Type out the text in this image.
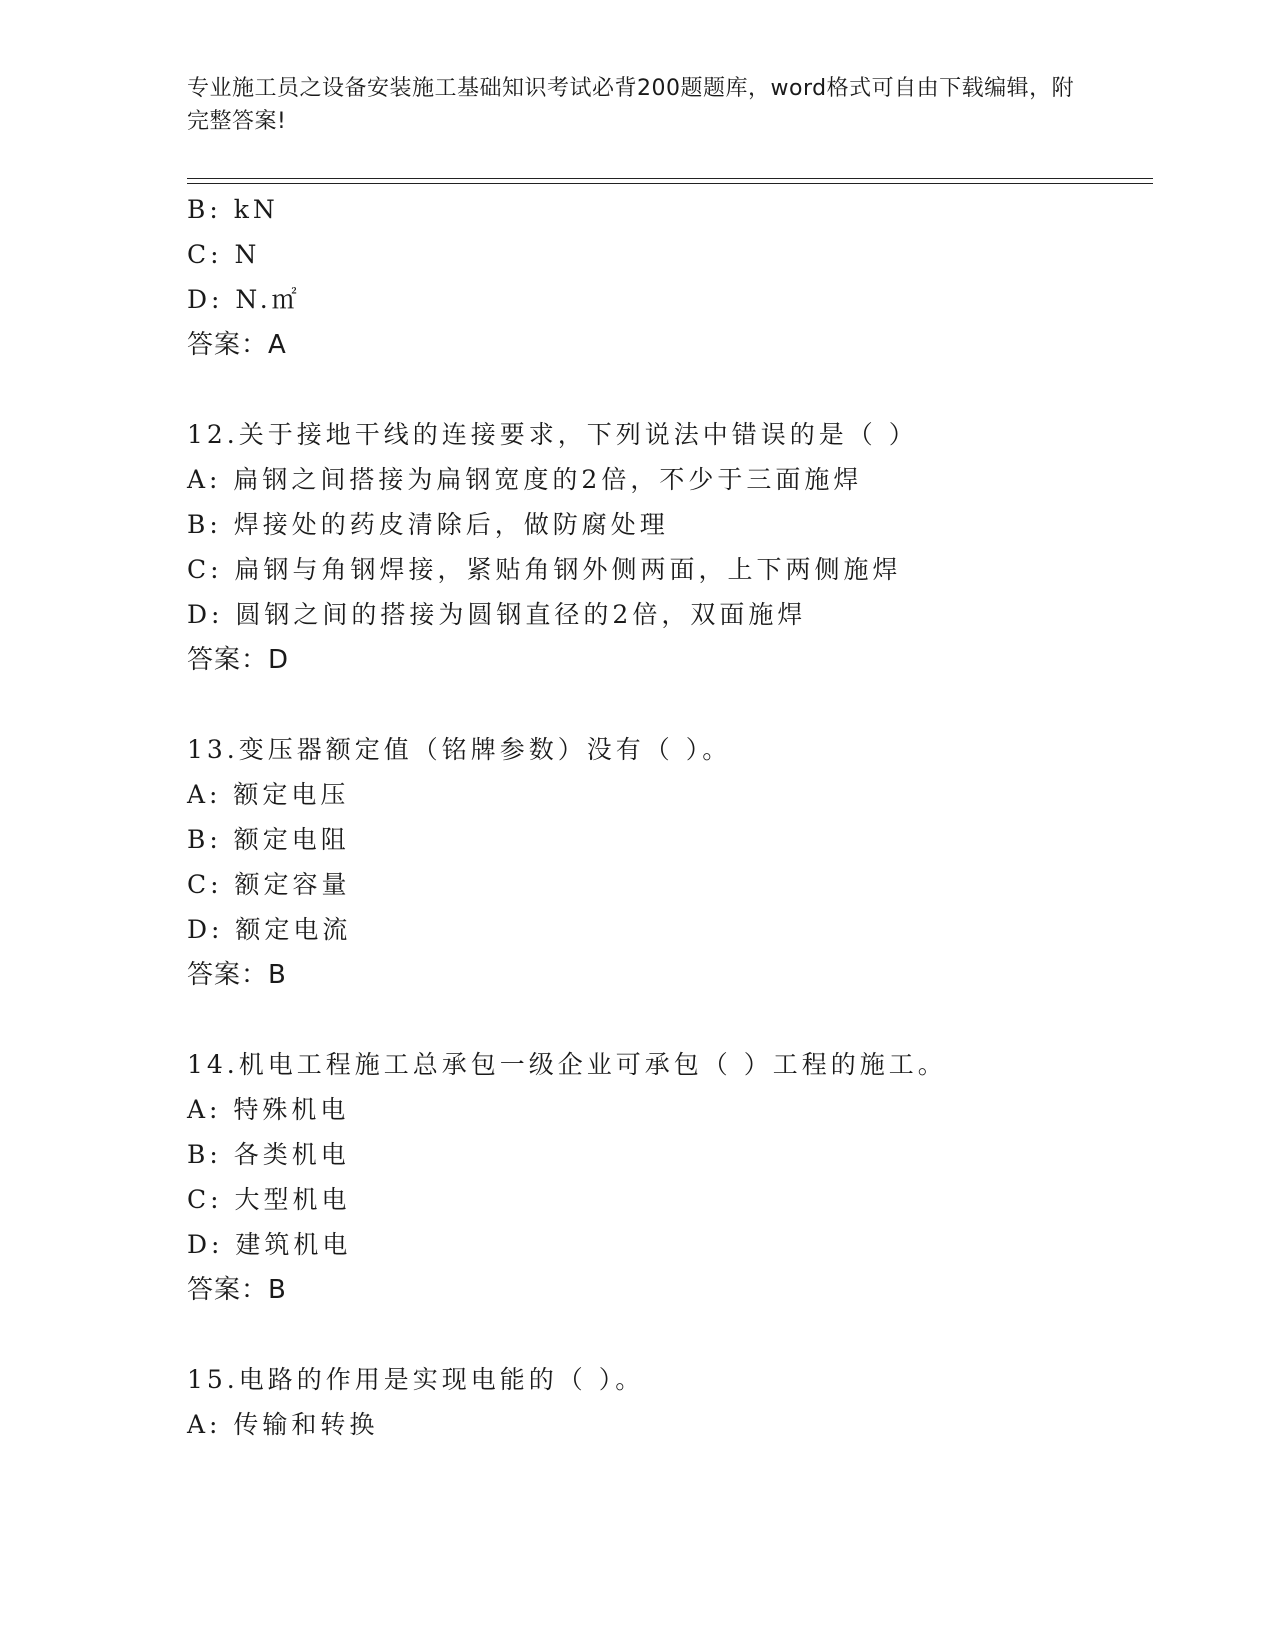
专业施工员之设备安装施工基础知识考试必背200题题库，word格式可自由下载编辑，附完整答案!
B: kN
C: N
D: N.㎡
答案：A
12.关于接地干线的连接要求，下列说法中错误的是（ ）
A: 扁钢之间搭接为扁钢宽度的2倍，不少于三面施焊
B: 焊接处的药皮清除后，做防腐处理
C: 扁钢与角钢焊接，紧贴角钢外侧两面，上下两侧施焊
D: 圆钢之间的搭接为圆钢直径的2倍，双面施焊
答案：D
13.变压器额定值（铭牌参数）没有（ ）。
A: 额定电压
B: 额定电阻
C: 额定容量
D: 额定电流
答案：B
14.机电工程施工总承包一级企业可承包（ ）工程的施工。
A: 特殊机电
B: 各类机电
C: 大型机电
D: 建筑机电
答案：B
15.电路的作用是实现电能的（ ）。
A: 传输和转换
